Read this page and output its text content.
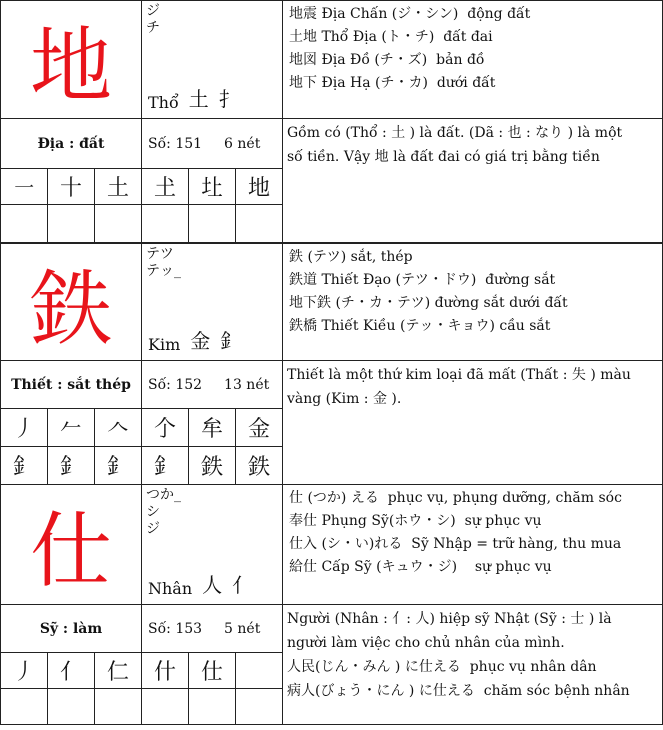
地
ジ
チ
Thổ 土 扌
地震 Địa Chấn (ジ・シン)  động đất
土地 Thổ Địa (ト・チ)  đất đai
地図 Địa Đồ (チ・ズ)  bản đồ
地下 Địa Hạ (チ・カ)  dưới đất
Địa : đất	Số: 151 6 nét
Gồm có (Thổ : 土 ) là đất. (Dã : 也 : なり ) là một
số tiền. Vậy 地 là đất đai có giá trị bằng tiền
㇐	十	土	𡈽	圵	地
鉄
テツ
テッ_
Kim 金 釒
鉄 (テツ) sắt, thép
鉄道 Thiết Đạo (テツ・ドウ)  đường sắt
地下鉄 (チ・カ・テツ) đường sắt dưới đất
鉄橋 Thiết Kiều (テッ・キョウ) cầu sắt
Thiết : sắt thép	Số: 152 13 nét
Thiết là một thứ kim loại đã mất (Thất : 失 ) màu
vàng (Kim : 金 ).
丿	𠂉	𠆢	𠆤	牟	金
釒	釒	釒	釒	鉄	鉄
仕
つか_
シ
ジ
Nhân 人 亻
仕 (つか) える  phục vụ, phụng dưỡng, chăm sóc
奉仕 Phụng Sỹ(ホウ・シ)  sự phục vụ
仕入 (シ・い)れる  Sỹ Nhập = trữ hàng, thu mua
給仕 Cấp Sỹ (キュウ・ジ)    sự phục vụ
Sỹ : làm	Số: 153 5 nét
Người (Nhân : 亻: 人) hiệp sỹ Nhật (Sỹ : 士 ) là
người làm việc cho chủ nhân của mình.
人民(じん・みん ) に仕える  phục vụ nhân dân
病人(びょう・にん ) に仕える  chăm sóc bệnh nhân
丿	亻	仁	什	仕
